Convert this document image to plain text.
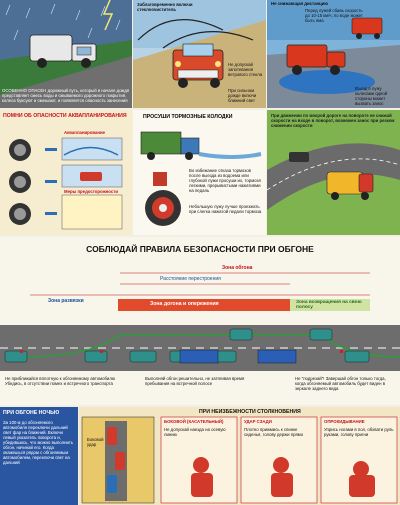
ОСОБЕННО ОПАСЕН дорожный путь, который в начале дождя представляет смесь воды и смываемого дорожного покрытия, колеса буксуют и смешают, и появляется опасность занесения
Заблаговременно включи стеклоочиститель
Не допускай запотевания ветрового стекла
При сильном дожде включи ближний свет
Не снижающая дистанцию
Перед лужей сбавь скорость до 10-15 км/ч, по воде может быть яма
Въезд в лужу колесами одной стороны может вызвать занос
ПОМНИ ОБ ОПАСНОСТИ АКВАПЛАНИРОВАНИЯ
Аквапланирование
Меры предосторожности
ПРОСУШИ ТОРМОЗНЫЕ КОЛОДКИ
Во избежание отказа тормозов после выезда из водоема или глубокой лужи просуши их, тормозя легкими, прерывистыми нажатиями на педаль
Небольшую лужу лучше проезжать при слегка нажатой педали тормоза
При движении по мокрой дороге на повороте не снижай скорости на входе в поворот, возможен занос при резком снижении скорости
СОБЛЮДАЙ ПРАВИЛА БЕЗОПАСНОСТИ ПРИ ОБГОНЕ
Зона обгона
Расстояние перестроения
Зона развязки	Зона догона и опережения	Зона возвращения на свою полосу
Не приближайся вплотную к обгоняемому автомобилю Убедись, в отсутствии помех и встречного транспорта
Выполняй обгон решительно, не затягивая время пребывания на встречной полосе
Не "подрезай"! Завершай обгон только тогда, когда обгоняемый автомобиль будет виден в зеркале заднего вида
ПРИ ОБГОНЕ НОЧЬЮ
За 100 м до обгоняемого автомобиля переключи дальний свет фар на ближний. Включи левый указатель поворота и, убедившись, что можно выполнить обгон, начинай его. Когда окажешься рядом с обгоняемым автомобилем, переключи свет на дальний
ПРИ НЕИЗБЕЖНОСТИ СТОЛКНОВЕНИЯ
Боковой удар
БОКОВОЙ (КАСАТЕЛЬНЫЙ)
Не допускай наезда на осевую линию
УДАР СЗАДИ
Плотно прижмись к спинке сиденья, голову держи прямо
ОПРОКИДЫВАНИЕ
Упрись ногами в пол, обхвати руль руками, голову пригни
